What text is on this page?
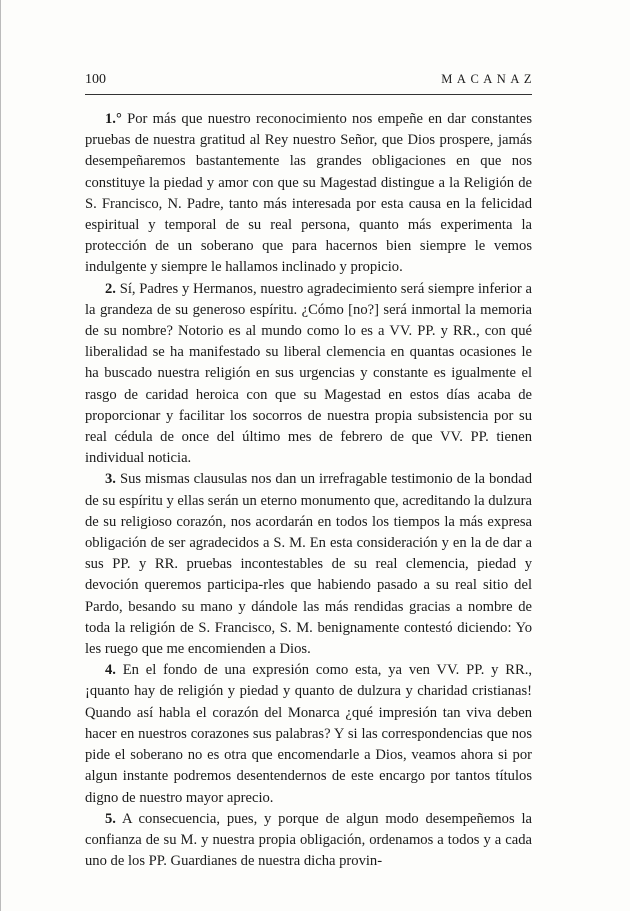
100	MACANAZ

1.° Por más que nuestro reconocimiento nos empeñe en dar constantes pruebas de nuestra gratitud al Rey nuestro Señor, que Dios prospere, jamás desempeñaremos bastantemente las grandes obligaciones en que nos constituye la piedad y amor con que su Magestad distingue a la Religión de S. Francisco, N. Padre, tanto más interesada por esta causa en la felicidad espiritual y temporal de su real persona, quanto más experimenta la protección de un soberano que para hacernos bien siempre le vemos indulgente y siempre le hallamos inclinado y propicio.

2. Sí, Padres y Hermanos, nuestro agradecimiento será siempre inferior a la grandeza de su generoso espíritu. ¿Cómo [no?] será inmortal la memoria de su nombre? Notorio es al mundo como lo es a VV. PP. y RR., con qué liberalidad se ha manifestado su liberal clemencia en quantas ocasiones le ha buscado nuestra religión en sus urgencias y constante es igualmente el rasgo de caridad heroica con que su Magestad en estos días acaba de proporcionar y facilitar los socorros de nuestra propia subsistencia por su real cédula de once del último mes de febrero de que VV. PP. tienen individual noticia.

3. Sus mismas clausulas nos dan un irrefragable testimonio de la bondad de su espíritu y ellas serán un eterno monumento que, acreditando la dulzura de su religioso corazón, nos acordarán en todos los tiempos la más expresa obligación de ser agradecidos a S. M. En esta consideración y en la de dar a sus PP. y RR. pruebas incontestables de su real clemencia, piedad y devoción queremos participa-rles que habiendo pasado a su real sitio del Pardo, besando su mano y dándole las más rendidas gracias a nombre de toda la religión de S. Francisco, S. M. benignamente contestó diciendo: Yo les ruego que me encomienden a Dios.

4. En el fondo de una expresión como esta, ya ven VV. PP. y RR., ¡quanto hay de religión y piedad y quanto de dulzura y charidad cristianas! Quando así habla el corazón del Monarca ¿qué impresión tan viva deben hacer en nuestros corazones sus palabras? Y si las correspondencias que nos pide el soberano no es otra que encomendarle a Dios, veamos ahora si por algun instante podremos desentendernos de este encargo por tantos títulos digno de nuestro mayor aprecio.

5. A consecuencia, pues, y porque de algun modo desempeñemos la confianza de su M. y nuestra propia obligación, ordenamos a todos y a cada uno de los PP. Guardianes de nuestra dicha provin-
